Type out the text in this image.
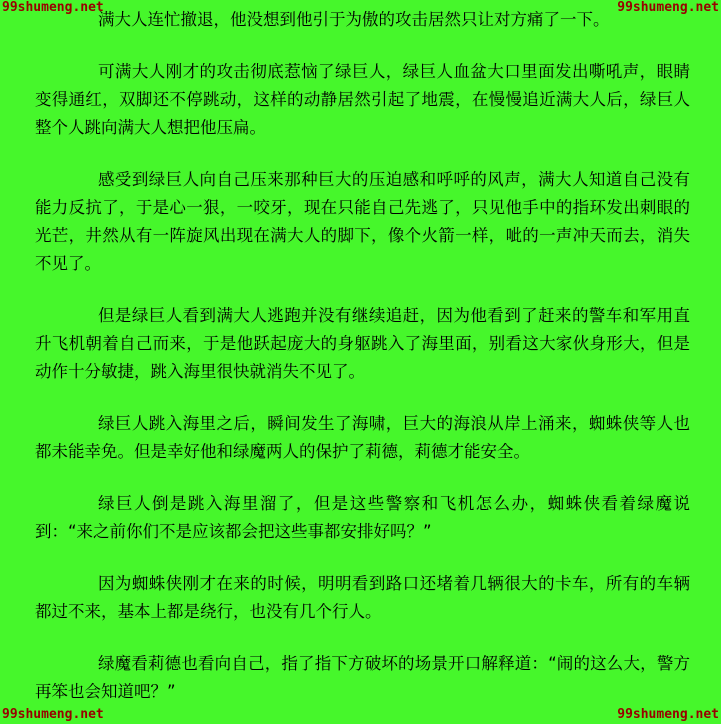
99shumeng.net	99shumeng.net

满大人连忙撤退，他没想到他引于为傲的攻击居然只让对方痛了一下。

可满大人刚才的攻击彻底惹恼了绿巨人，绿巨人血盆大口里面发出嘶吼声，眼睛变得通红，双脚还不停跳动，这样的动静居然引起了地震，在慢慢追近满大人后，绿巨人整个人跳向满大人想把他压扁。

感受到绿巨人向自己压来那种巨大的压迫感和呼呼的风声，满大人知道自己没有能力反抗了，于是心一狠，一咬牙，现在只能自己先逃了，只见他手中的指环发出刺眼的光芒，井然从有一阵旋风出现在满大人的脚下，像个火箭一样，呲的一声冲天而去，消失不见了。

但是绿巨人看到满大人逃跑并没有继续追赶，因为他看到了赶来的警车和军用直升飞机朝着自己而来，于是他跃起庞大的身躯跳入了海里面，别看这大家伙身形大，但是动作十分敏捷，跳入海里很快就消失不见了。

绿巨人跳入海里之后，瞬间发生了海啸，巨大的海浪从岸上涌来，蜘蛛侠等人也都未能幸免。但是幸好他和绿魔两人的保护了莉德，莉德才能安全。

绿巨人倒是跳入海里溜了，但是这些警察和飞机怎么办，蜘蛛侠看着绿魔说到：“来之前你们不是应该都会把这些事都安排好吗？”

因为蜘蛛侠刚才在来的时候，明明看到路口还堵着几辆很大的卡车，所有的车辆都过不来，基本上都是绕行，也没有几个行人。

绿魔看莉德也看向自己，指了指下方破坏的场景开口解释道：“闹的这么大，警方再笨也会知道吧？”

99shumeng.net	99shumeng.net
